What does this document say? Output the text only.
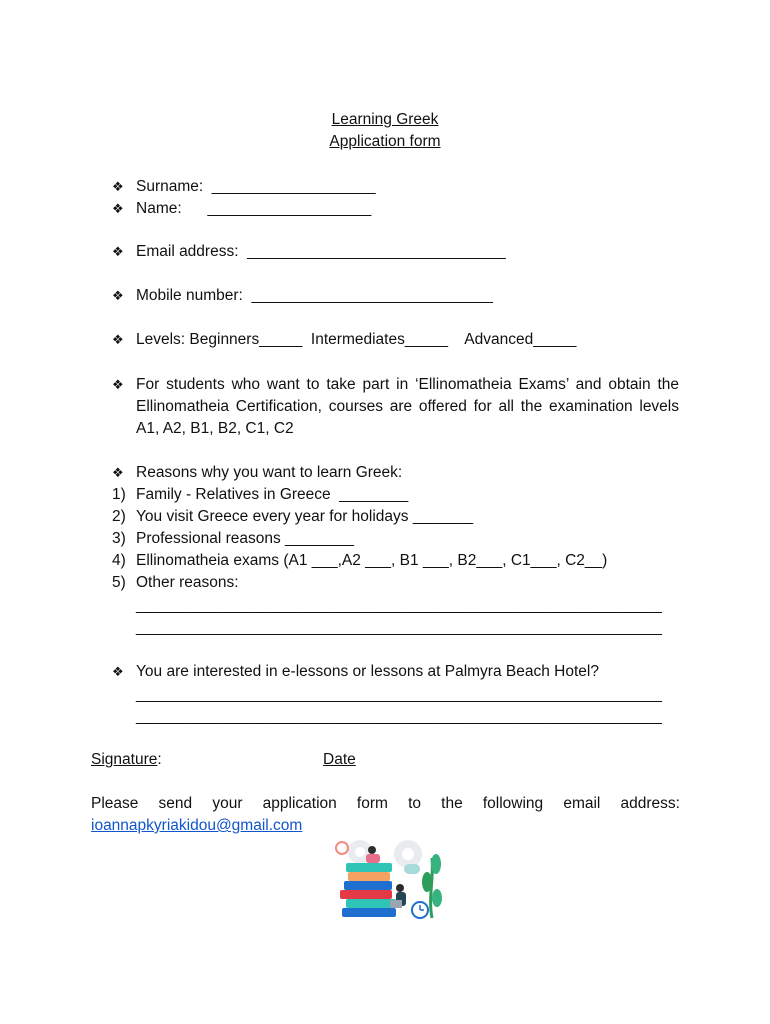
Learning Greek
Application form
❖ Surname:  ___________________
❖ Name:      ___________________
❖ Email address:  ______________________________
❖ Mobile number:  ____________________________
❖ Levels: Beginners_____  Intermediates_____    Advanced_____
❖ For students who want to take part in ‘Ellinomatheia Exams’ and obtain the Ellinomatheia Certification, courses are offered for all the examination levels A1, A2, B1, B2, C1, C2
❖ Reasons why you want to learn Greek:
1) Family - Relatives in Greece  ________
2) You visit Greece every year for holidays _______
3) Professional reasons ________
4) Ellinomatheia exams (A1 ___,A2 ___, B1 ___, B2___, C1___, C2__)
5) Other reasons:
_____________________________________________________________
_____________________________________________________________
❖ You are interested in e-lessons or lessons at Palmyra Beach Hotel?
_____________________________________________________________
_____________________________________________________________
Signature:	Date
Please send your application form to the following email address: ioannapkyriakidou@gmail.com
